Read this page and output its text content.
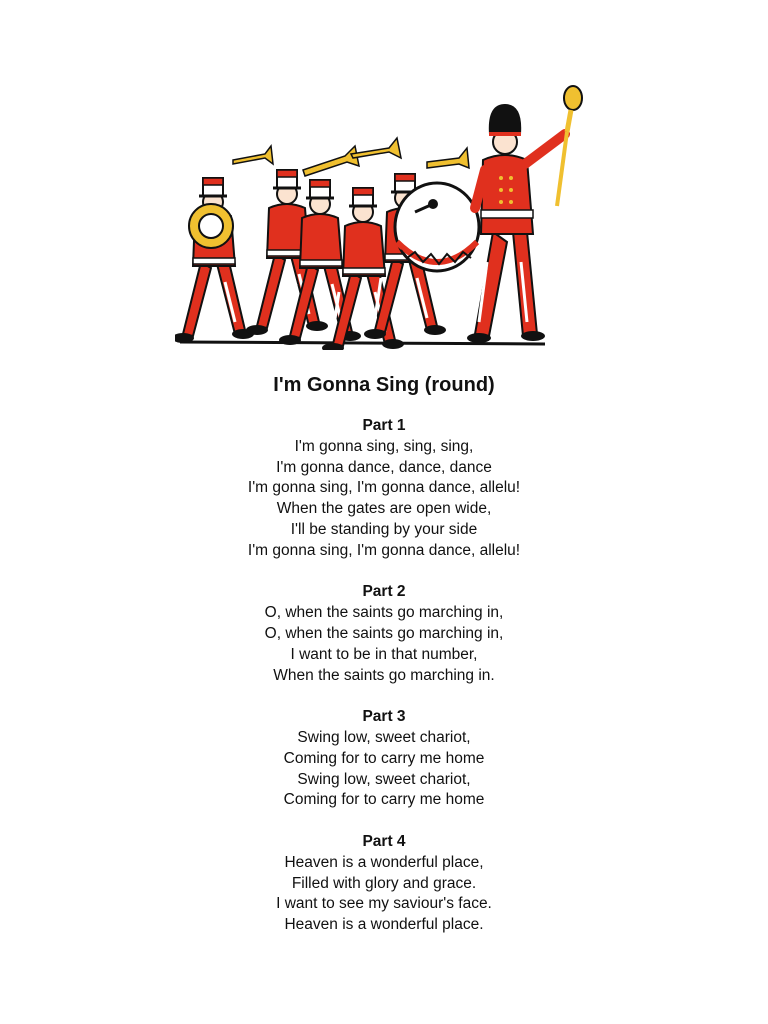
I'm Gonna Sing (round)
Part 1
I'm gonna sing, sing, sing,
I'm gonna dance, dance, dance
I'm gonna sing, I'm gonna dance, allelu!
When the gates are open wide,
I'll be standing by your side
I'm gonna sing, I'm gonna dance, allelu!
Part 2
O, when the saints go marching in,
O, when the saints go marching in,
I want to be in that number,
When the saints go marching in.
Part 3
Swing low, sweet chariot,
Coming for to carry me home
Swing low, sweet chariot,
Coming for to carry me home
Part 4
Heaven is a wonderful place,
Filled with glory and grace.
I want to see my saviour's face.
Heaven is a wonderful place.
